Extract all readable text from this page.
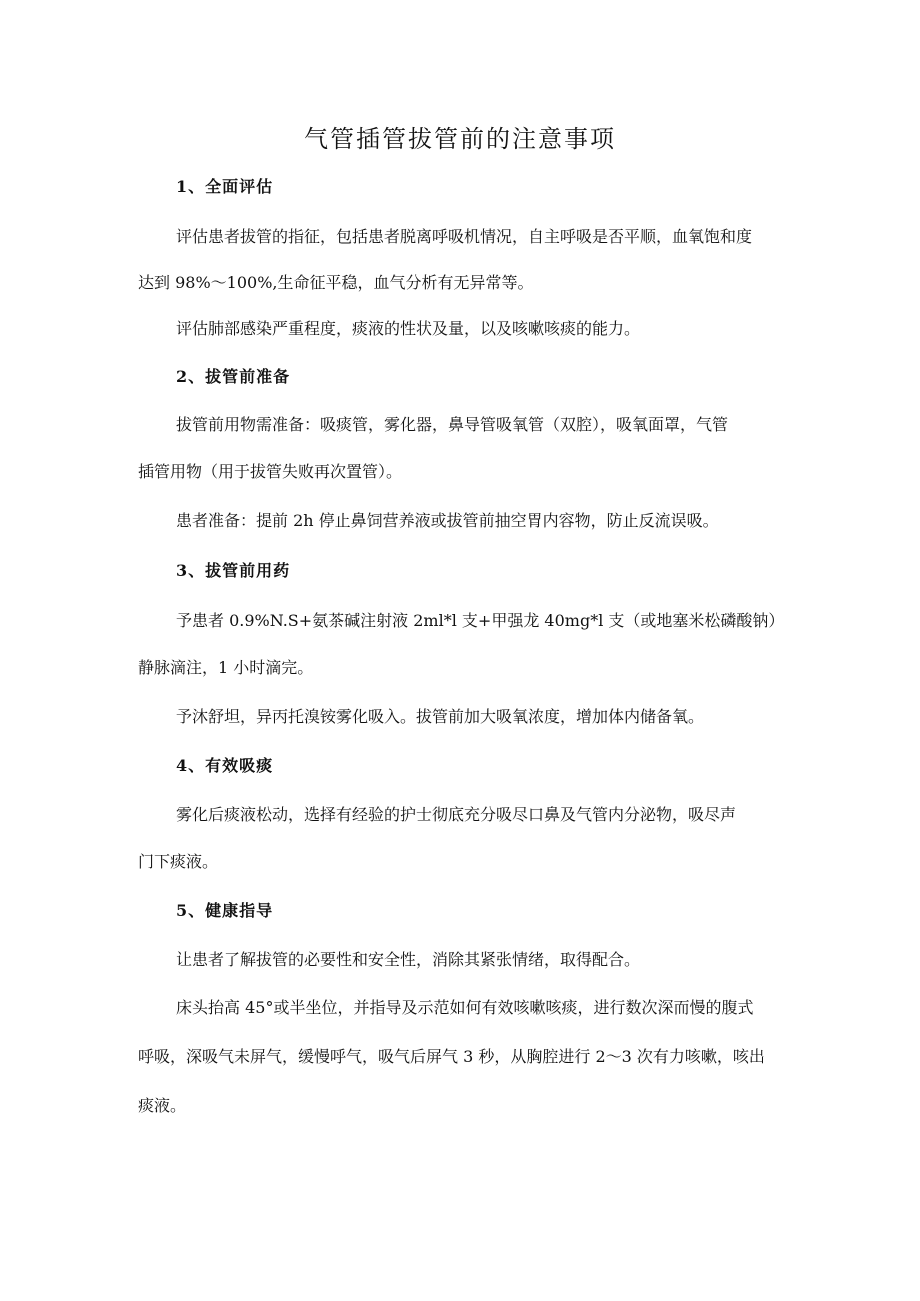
气管插管拔管前的注意事项

1、全面评估

评估患者拔管的指征，包括患者脱离呼吸机情况，自主呼吸是否平顺，血氧饱和度

达到 98%～100%,生命征平稳，血气分析有无异常等。

评估肺部感染严重程度，痰液的性状及量，以及咳嗽咳痰的能力。

2、拔管前准备

拔管前用物需准备：吸痰管，雾化器，鼻导管吸氧管（双腔），吸氧面罩，气管

插管用物（用于拔管失败再次置管）。

患者准备：提前 2h 停止鼻饲营养液或拔管前抽空胃内容物，防止反流误吸。

3、拔管前用药

予患者 0.9%N.S+氨茶碱注射液 2ml*l 支+甲强龙 40mg*l 支（或地塞米松磷酸钠）

静脉滴注，1 小时滴完。

予沐舒坦，异丙托溴铵雾化吸入。拔管前加大吸氧浓度，增加体内储备氧。

4、有效吸痰

雾化后痰液松动，选择有经验的护士彻底充分吸尽口鼻及气管内分泌物，吸尽声

门下痰液。

5、健康指导

让患者了解拔管的必要性和安全性，消除其紧张情绪，取得配合。

床头抬高 45°或半坐位，并指导及示范如何有效咳嗽咳痰，进行数次深而慢的腹式

呼吸，深吸气未屏气，缓慢呼气，吸气后屏气 3 秒，从胸腔进行 2～3 次有力咳嗽，咳出

痰液。
